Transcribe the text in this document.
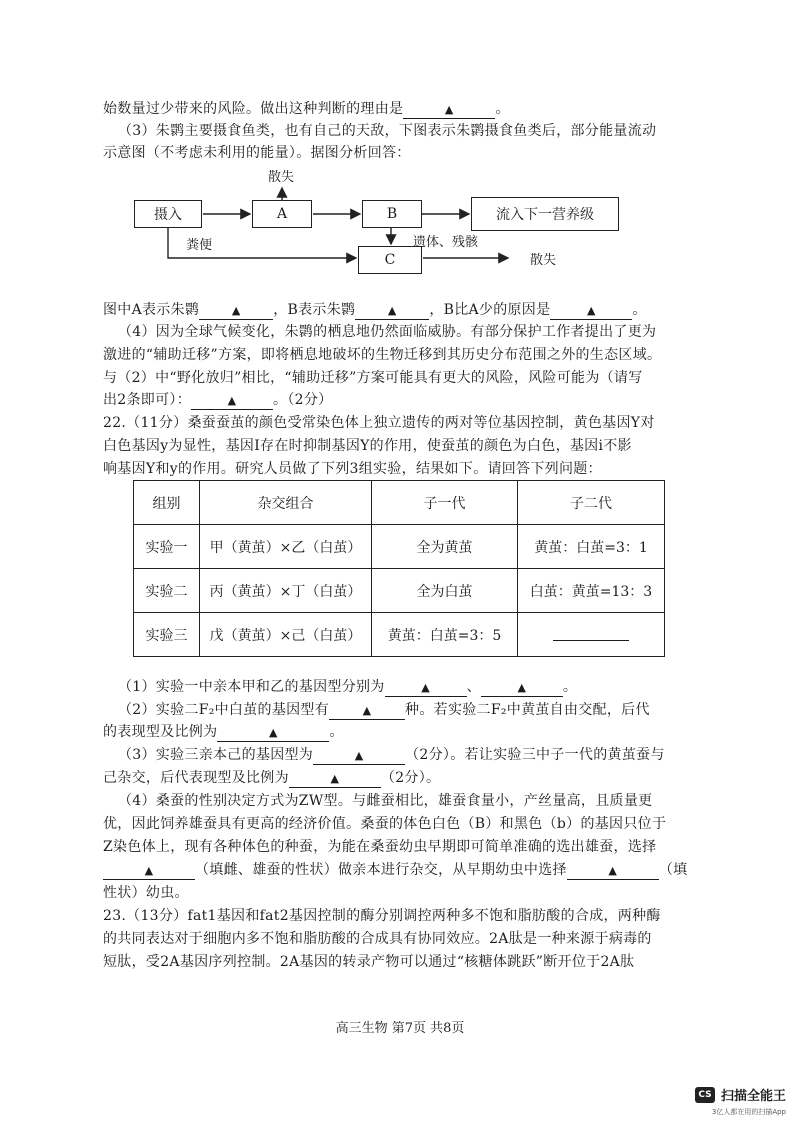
始数量过少带来的风险。做出这种判断的理由是	▲	。
（3）朱鹮主要摄食鱼类，也有自己的天敌，下图表示朱鹮摄食鱼类后，部分能量流动
示意图（不考虑未利用的能量）。据图分析回答：
摄入	A	B	流入下一营养级
C
散失
散失
粪便	遗体、残骸
图中A表示朱鹮	▲ ，B表示朱鹮	▲ ，B比A少的原因是	▲	。
（4）因为全球气候变化，朱鹮的栖息地仍然面临威胁。有部分保护工作者提出了更为
激进的“辅助迁移”方案，即将栖息地破坏的生物迁移到其历史分布范围之外的生态区域。
与（2）中“野化放归”相比，“辅助迁移”方案可能具有更大的风险，风险可能为（请写
出2条即可）：	▲	。（2分）
22.（11分）桑蚕蚕茧的颜色受常染色体上独立遗传的两对等位基因控制，黄色基因Y对
白色基因y为显性，基因I存在时抑制基因Y的作用，使蚕茧的颜色为白色，基因i不影
响基因Y和y的作用。研究人员做了下列3组实验，结果如下。请回答下列问题：
组别	杂交组合	子一代	子二代
实验一	甲（黄茧）×乙（白茧）	全为黄茧	黄茧：白茧=3：1
实验二	丙（黄茧）×丁（白茧）	全为白茧	白茧：黄茧=13：3
实验三	戊（黄茧）×己（白茧）	黄茧：白茧=3：5	
（1）实验一中亲本甲和乙的基因型分别为	▲	、	▲	。
（2）实验二F₂中白茧的基因型有	▲ 种。若实验二F₂中黄茧自由交配，后代
的表现型及比例为	▲	。
（3）实验三亲本己的基因型为	▲	（2分）。若让实验三中子一代的黄茧蚕与
己杂交，后代表现型及比例为	▲	（2分）。
（4）桑蚕的性别决定方式为ZW型。与雌蚕相比，雄蚕食量小，产丝量高，且质量更
优，因此饲养雄蚕具有更高的经济价值。桑蚕的体色白色（B）和黑色（b）的基因只位于
Z染色体上，现有各种体色的种蚕，为能在桑蚕幼虫早期即可简单准确的选出雄蚕，选择
▲	（填雌、雄蚕的性状）做亲本进行杂交，从早期幼虫中选择	▲	（填
性状）幼虫。
23.（13分）fat1基因和fat2基因控制的酶分别调控两种多不饱和脂肪酸的合成，两种酶
的共同表达对于细胞内多不饱和脂肪酸的合成具有协同效应。2A肽是一种来源于病毒的
短肽，受2A基因序列控制。2A基因的转录产物可以通过“核糖体跳跃”断开位于2A肽
高三生物 第7页 共8页
CS 扫描全能王
3亿人都在用的扫描App
